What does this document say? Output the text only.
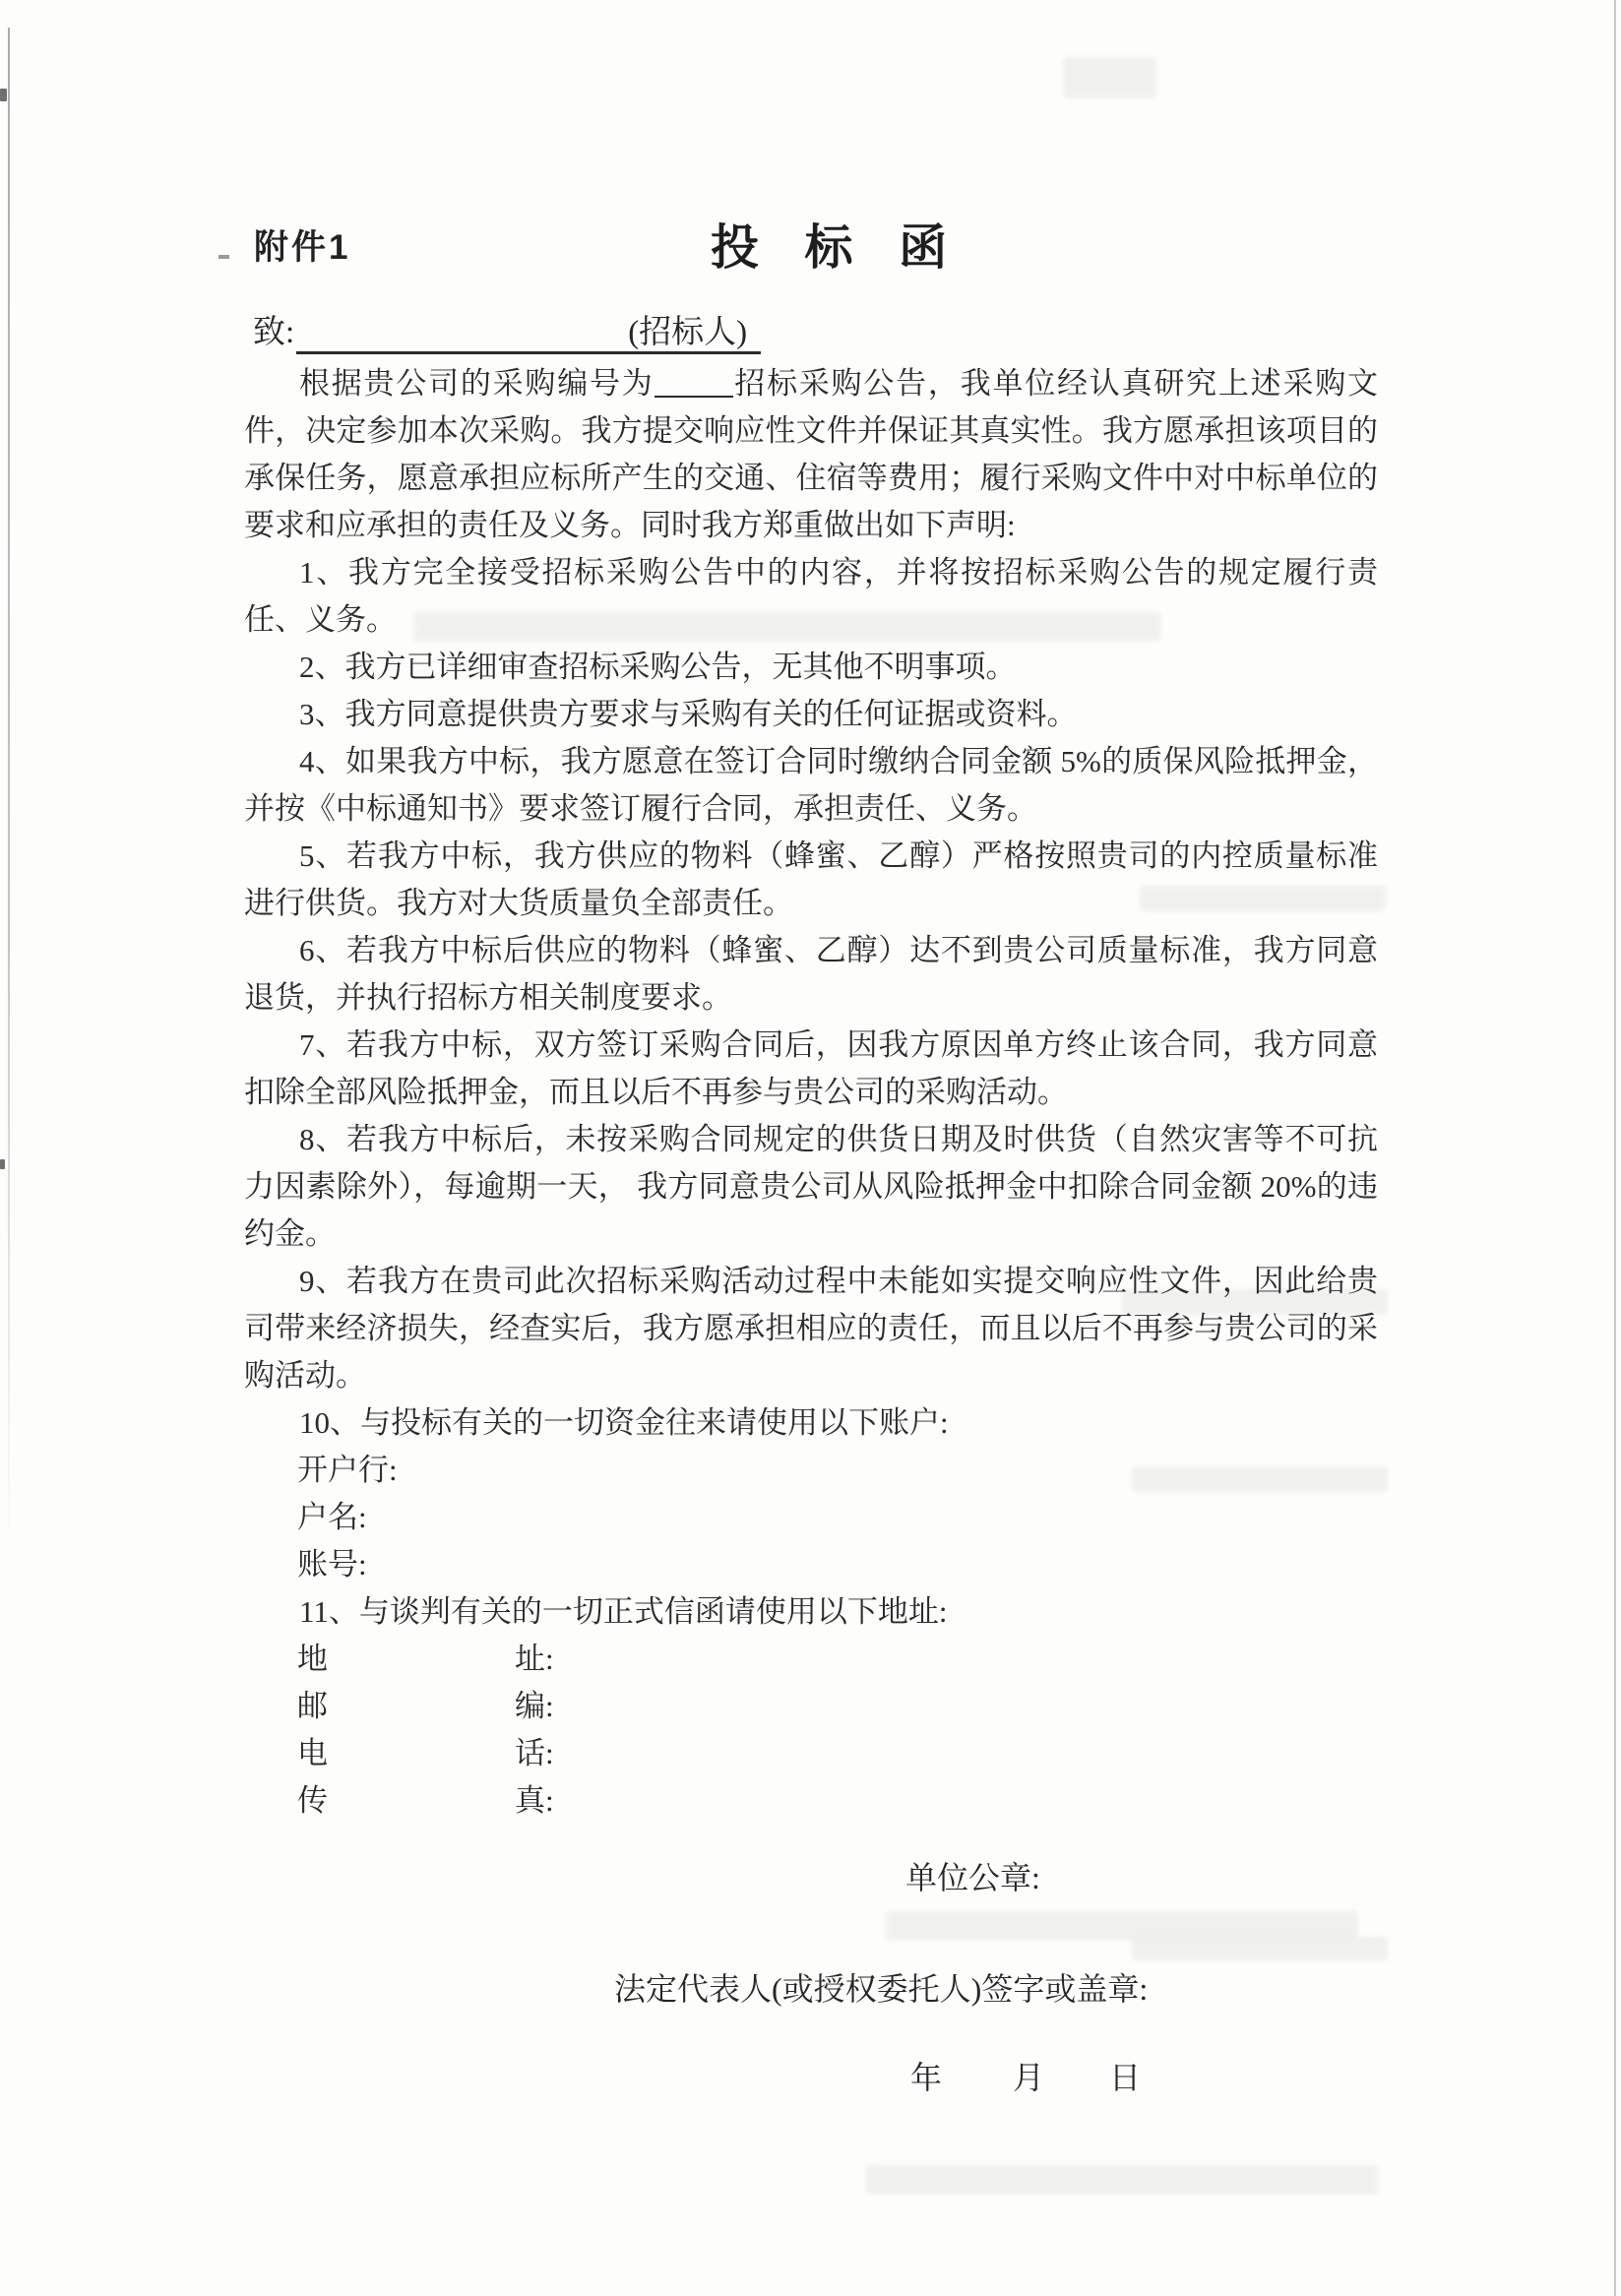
附件1	投标函
致:	(招标人)

根据贵公司的采购编号为	招标采购公告，我单位经认真研究上述采购文件，决定参加本次采购。我方提交响应性文件并保证其真实性。我方愿承担该项目的承保任务，愿意承担应标所产生的交通、住宿等费用；履行采购文件中对中标单位的要求和应承担的责任及义务。同时我方郑重做出如下声明:

1、我方完全接受招标采购公告中的内容，并将按招标采购公告的规定履行责任、义务。

2、我方已详细审查招标采购公告，无其他不明事项。

3、我方同意提供贵方要求与采购有关的任何证据或资料。

4、如果我方中标，我方愿意在签订合同时缴纳合同金额 5%的质保风险抵押金，并按《中标通知书》要求签订履行合同，承担责任、义务。

5、若我方中标，我方供应的物料（蜂蜜、乙醇）严格按照贵司的内控质量标准进行供货。我方对大货质量负全部责任。

6、若我方中标后供应的物料（蜂蜜、乙醇）达不到贵公司质量标准，我方同意退货，并执行招标方相关制度要求。

7、若我方中标，双方签订采购合同后，因我方原因单方终止该合同，我方同意扣除全部风险抵押金，而且以后不再参与贵公司的采购活动。

8、若我方中标后，未按采购合同规定的供货日期及时供货（自然灾害等不可抗力因素除外），每逾期一天， 我方同意贵公司从风险抵押金中扣除合同金额 20%的违约金。

9、若我方在贵司此次招标采购活动过程中未能如实提交响应性文件，因此给贵司带来经济损失，经查实后，我方愿承担相应的责任，而且以后不再参与贵公司的采购活动。

10、与投标有关的一切资金往来请使用以下账户:

开户行:
户名:
账号:

11、与谈判有关的一切正式信函请使用以下地址:

地	址:
邮	编:
电	话:
传	真:
单位公章:
法定代表人(或授权委托人)签字或盖章:
年 月 日
